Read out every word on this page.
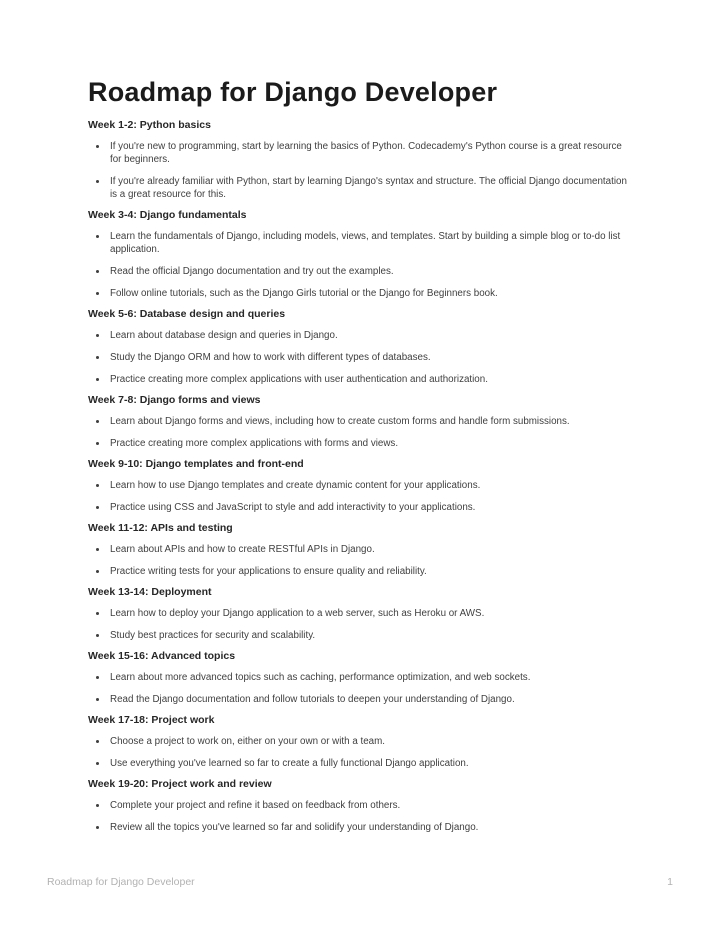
Roadmap for Django Developer
Week 1-2: Python basics
• If you're new to programming, start by learning the basics of Python. Codecademy's Python course is a great resource for beginners.
• If you're already familiar with Python, start by learning Django's syntax and structure. The official Django documentation is a great resource for this.
Week 3-4: Django fundamentals
• Learn the fundamentals of Django, including models, views, and templates. Start by building a simple blog or to-do list application.
• Read the official Django documentation and try out the examples.
• Follow online tutorials, such as the Django Girls tutorial or the Django for Beginners book.
Week 5-6: Database design and queries
• Learn about database design and queries in Django.
• Study the Django ORM and how to work with different types of databases.
• Practice creating more complex applications with user authentication and authorization.
Week 7-8: Django forms and views
• Learn about Django forms and views, including how to create custom forms and handle form submissions.
• Practice creating more complex applications with forms and views.
Week 9-10: Django templates and front-end
• Learn how to use Django templates and create dynamic content for your applications.
• Practice using CSS and JavaScript to style and add interactivity to your applications.
Week 11-12: APIs and testing
• Learn about APIs and how to create RESTful APIs in Django.
• Practice writing tests for your applications to ensure quality and reliability.
Week 13-14: Deployment
• Learn how to deploy your Django application to a web server, such as Heroku or AWS.
• Study best practices for security and scalability.
Week 15-16: Advanced topics
• Learn about more advanced topics such as caching, performance optimization, and web sockets.
• Read the Django documentation and follow tutorials to deepen your understanding of Django.
Week 17-18: Project work
• Choose a project to work on, either on your own or with a team.
• Use everything you've learned so far to create a fully functional Django application.
Week 19-20: Project work and review
• Complete your project and refine it based on feedback from others.
• Review all the topics you've learned so far and solidify your understanding of Django.
Roadmap for Django Developer	1
